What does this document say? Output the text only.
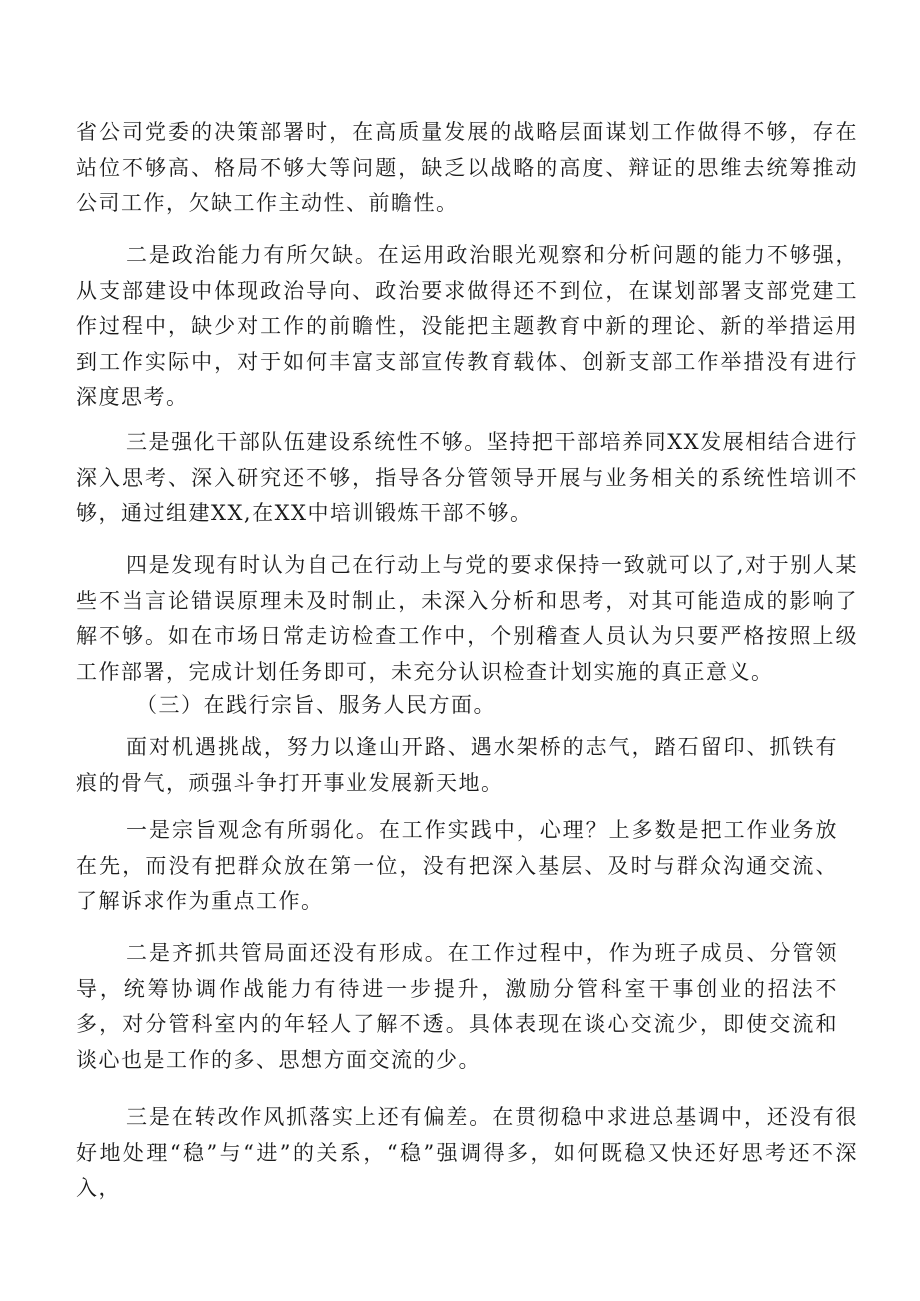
省公司党委的决策部署时，在高质量发展的战略层面谋划工作做得不够，存在站位不够高、格局不够大等问题，缺乏以战略的高度、辩证的思维去统筹推动公司工作，欠缺工作主动性、前瞻性。

二是政治能力有所欠缺。在运用政治眼光观察和分析问题的能力不够强，从支部建设中体现政治导向、政治要求做得还不到位，在谋划部署支部党建工作过程中，缺少对工作的前瞻性，没能把主题教育中新的理论、新的举措运用到工作实际中，对于如何丰富支部宣传教育载体、创新支部工作举措没有进行深度思考。

三是强化干部队伍建设系统性不够。坚持把干部培养同XX发展相结合进行深入思考、深入研究还不够，指导各分管领导开展与业务相关的系统性培训不够，通过组建XX,在XX中培训锻炼干部不够。

四是发现有时认为自己在行动上与党的要求保持一致就可以了,对于别人某些不当言论错误原理未及时制止，未深入分析和思考，对其可能造成的影响了解不够。如在市场日常走访检查工作中，个别稽查人员认为只要严格按照上级工作部署，完成计划任务即可，未充分认识检查计划实施的真正意义。

（三）在践行宗旨、服务人民方面。

面对机遇挑战，努力以逢山开路、遇水架桥的志气，踏石留印、抓铁有痕的骨气，顽强斗争打开事业发展新天地。

一是宗旨观念有所弱化。在工作实践中，心理？上多数是把工作业务放在先，而没有把群众放在第一位，没有把深入基层、及时与群众沟通交流、了解诉求作为重点工作。

二是齐抓共管局面还没有形成。在工作过程中，作为班子成员、分管领导，统筹协调作战能力有待进一步提升，激励分管科室干事创业的招法不多，对分管科室内的年轻人了解不透。具体表现在谈心交流少，即使交流和谈心也是工作的多、思想方面交流的少。

三是在转改作风抓落实上还有偏差。在贯彻稳中求进总基调中，还没有很好地处理“稳”与“进”的关系，“稳”强调得多，如何既稳又快还好思考还不深入，
